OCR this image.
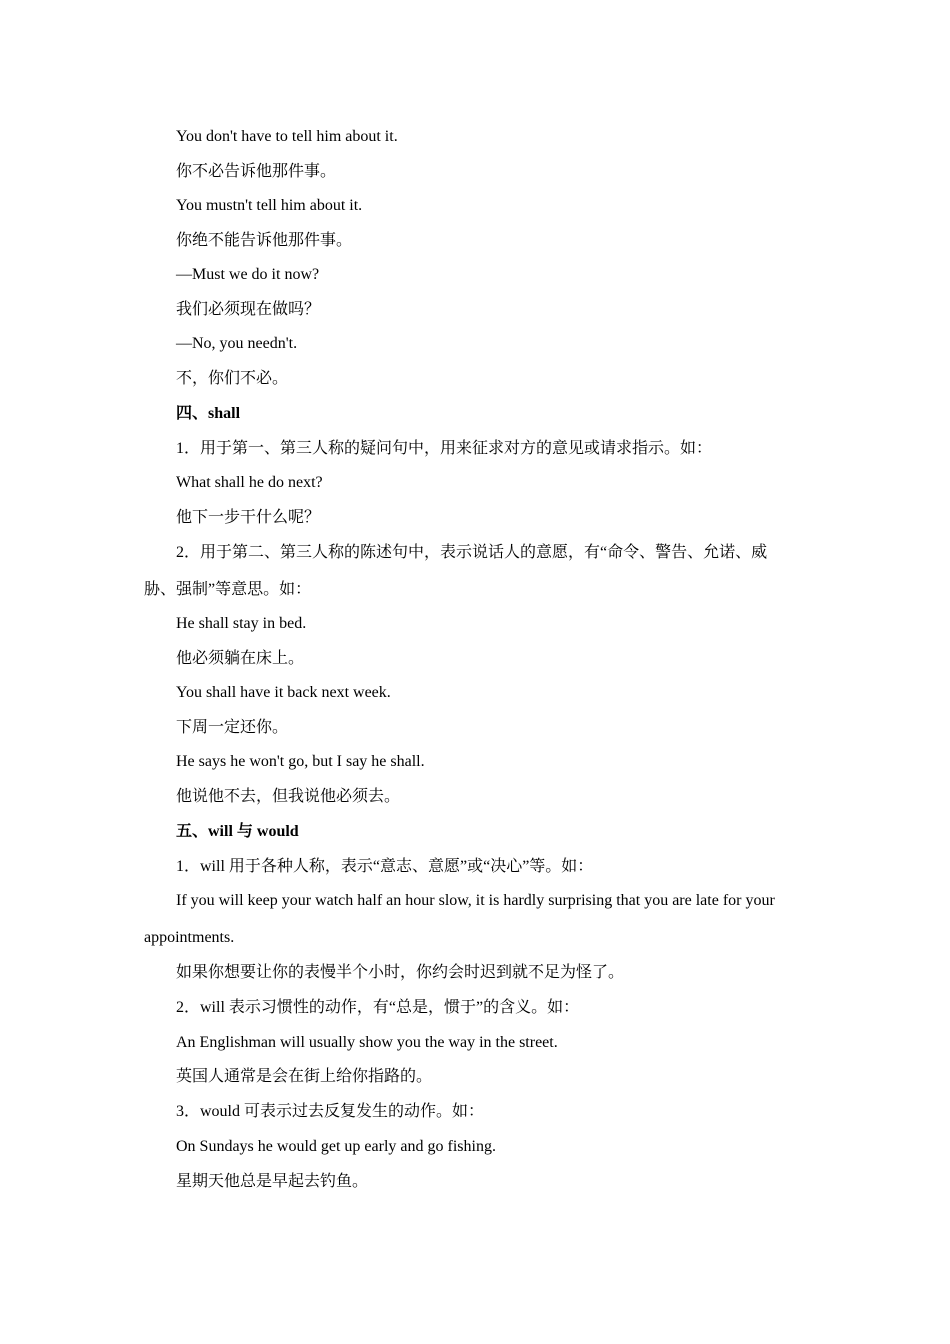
You don't have to tell him about it.
你不必告诉他那件事。
You mustn't tell him about it.
你绝不能告诉他那件事。
—Must we do it now?
我们必须现在做吗？
—No, you needn't.
不，你们不必。
四、shall
1．用于第一、第三人称的疑问句中，用来征求对方的意见或请求指示。如：
What shall he do next?
他下一步干什么呢？
2．用于第二、第三人称的陈述句中，表示说话人的意愿，有“命令、警告、允诺、威
胁、强制”等意思。如：
He shall stay in bed.
他必须躺在床上。
You shall have it back next week.
下周一定还你。
He says he won't go, but I say he shall.
他说他不去，但我说他必须去。
五、will 与 would
1．will 用于各种人称，表示“意志、意愿”或“决心”等。如：
If you will keep your watch half an hour slow, it is hardly surprising that you are late for your
appointments.
如果你想要让你的表慢半个小时，你约会时迟到就不足为怪了。
2．will 表示习惯性的动作，有“总是，惯于”的含义。如：
An Englishman will usually show you the way in the street.
英国人通常是会在街上给你指路的。
3．would 可表示过去反复发生的动作。如：
On Sundays he would get up early and go fishing.
星期天他总是早起去钓鱼。
